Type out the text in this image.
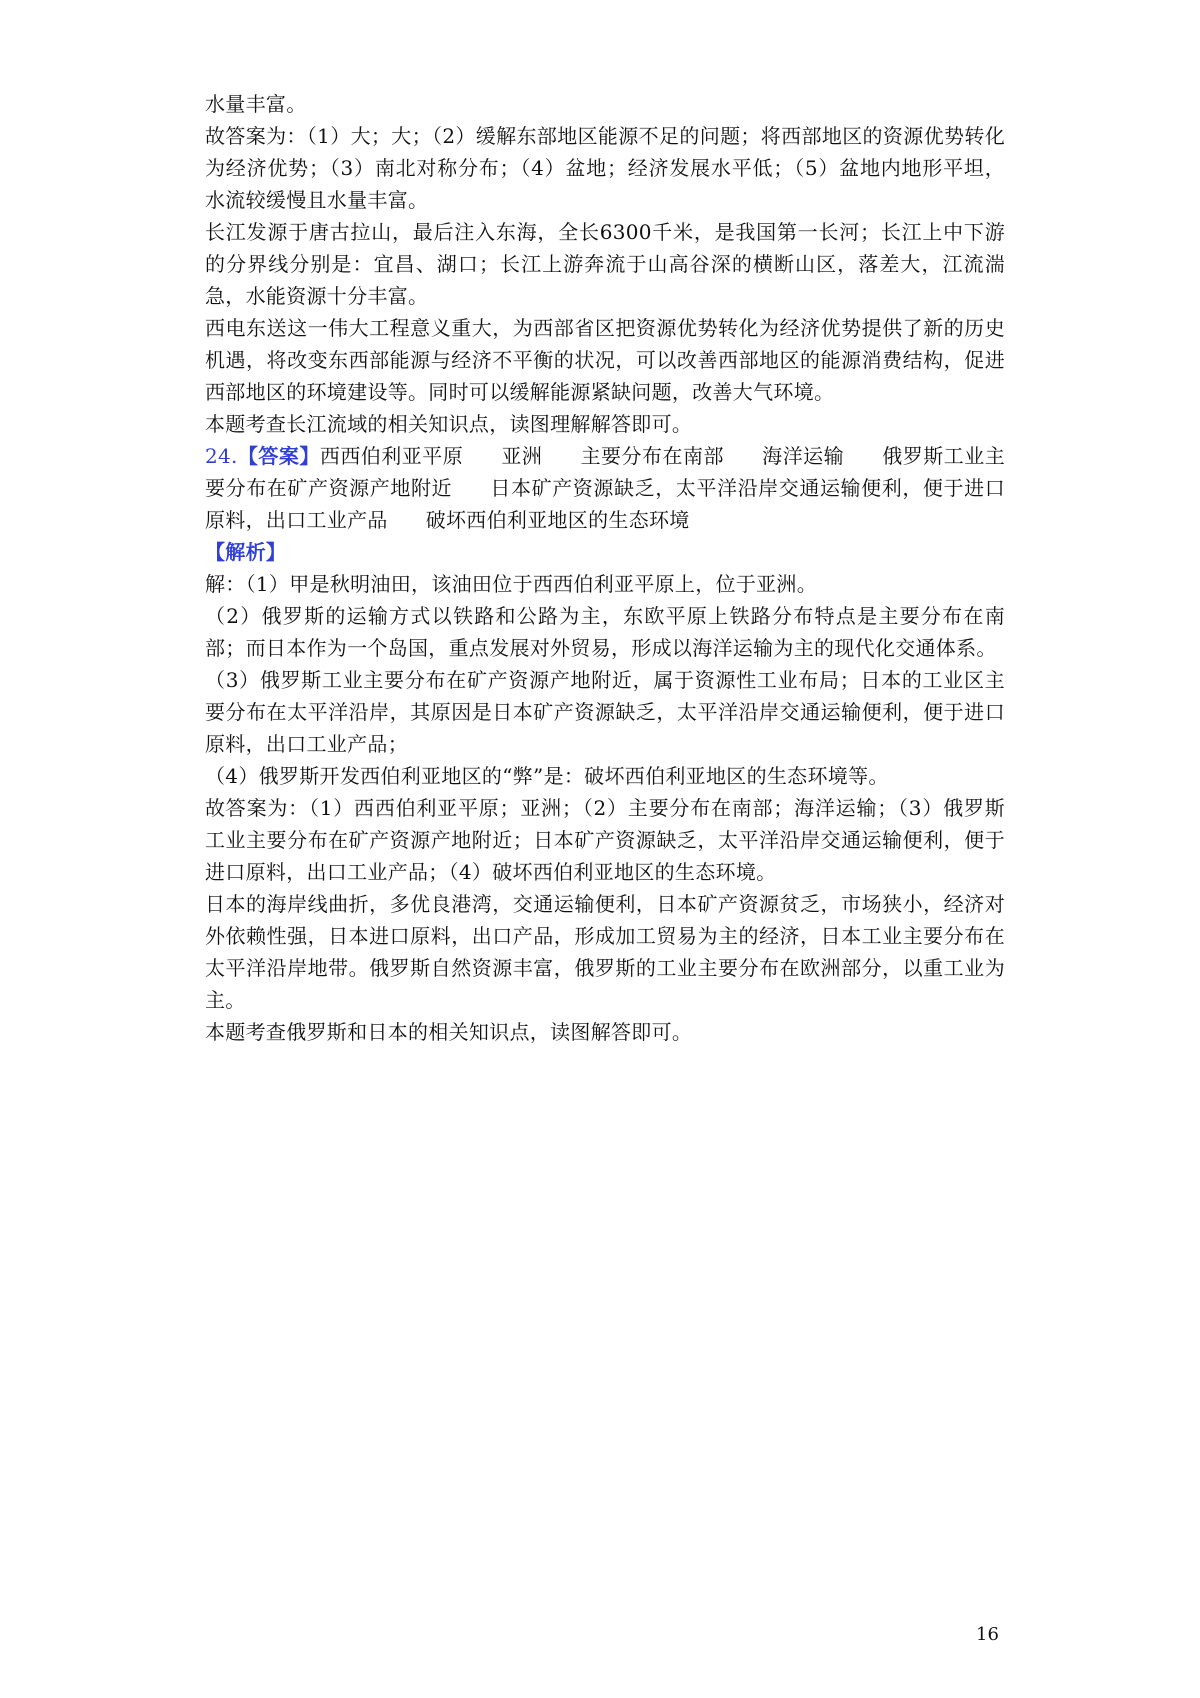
水量丰富。

故答案为：（1）大；大；（2）缓解东部地区能源不足的问题；将西部地区的资源优势转化为经济优势；（3）南北对称分布；（4）盆地；经济发展水平低；（5）盆地内地形平坦，水流较缓慢且水量丰富。

长江发源于唐古拉山，最后注入东海，全长6300千米，是我国第一长河；长江上中下游的分界线分别是：宜昌、湖口；长江上游奔流于山高谷深的横断山区，落差大，江流湍急，水能资源十分丰富。

西电东送这一伟大工程意义重大，为西部省区把资源优势转化为经济优势提供了新的历史机遇，将改变东西部能源与经济不平衡的状况，可以改善西部地区的能源消费结构，促进西部地区的环境建设等。同时可以缓解能源紧缺问题，改善大气环境。

本题考查长江流域的相关知识点，读图理解解答即可。

24.【答案】西西伯利亚平原 亚洲 主要分布在南部 海洋运输 俄罗斯工业主要分布在矿产资源产地附近 日本矿产资源缺乏，太平洋沿岸交通运输便利，便于进口原料，出口工业产品 破坏西伯利亚地区的生态环境

【解析】

解：（1）甲是秋明油田，该油田位于西西伯利亚平原上，位于亚洲。

（2）俄罗斯的运输方式以铁路和公路为主，东欧平原上铁路分布特点是主要分布在南部；而日本作为一个岛国，重点发展对外贸易，形成以海洋运输为主的现代化交通体系。

（3）俄罗斯工业主要分布在矿产资源产地附近，属于资源性工业布局；日本的工业区主要分布在太平洋沿岸，其原因是日本矿产资源缺乏，太平洋沿岸交通运输便利，便于进口原料，出口工业产品；

（4）俄罗斯开发西伯利亚地区的“弊”是：破坏西伯利亚地区的生态环境等。

故答案为：（1）西西伯利亚平原；亚洲；（2）主要分布在南部；海洋运输；（3）俄罗斯工业主要分布在矿产资源产地附近；日本矿产资源缺乏，太平洋沿岸交通运输便利，便于进口原料，出口工业产品；（4）破坏西伯利亚地区的生态环境。

日本的海岸线曲折，多优良港湾，交通运输便利，日本矿产资源贫乏，市场狭小，经济对外依赖性强，日本进口原料，出口产品，形成加工贸易为主的经济，日本工业主要分布在太平洋沿岸地带。俄罗斯自然资源丰富，俄罗斯的工业主要分布在欧洲部分，以重工业为主。

本题考查俄罗斯和日本的相关知识点，读图解答即可。

16
